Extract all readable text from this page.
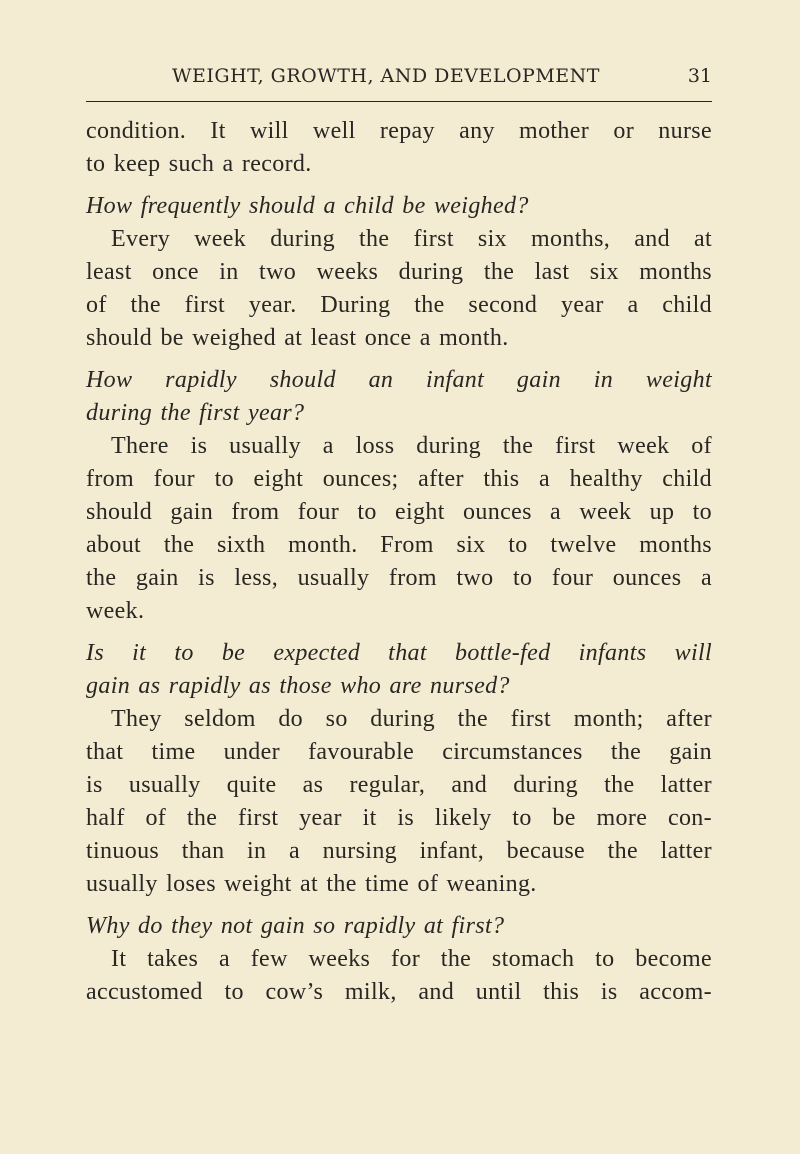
WEIGHT, GROWTH, AND DEVELOPMENT	31
condition. It will well repay any mother or nurse
to keep such a record.
How frequently should a child be weighed?
Every week during the first six months, and at
least once in two weeks during the last six months
of the first year. During the second year a child
should be weighed at least once a month.
How rapidly should an infant gain in weight
during the first year?
There is usually a loss during the first week of
from four to eight ounces; after this a healthy child
should gain from four to eight ounces a week up to
about the sixth month. From six to twelve months
the gain is less, usually from two to four ounces a
week.
Is it to be expected that bottle-fed infants will
gain as rapidly as those who are nursed?
They seldom do so during the first month; after
that time under favourable circumstances the gain
is usually quite as regular, and during the latter
half of the first year it is likely to be more con-
tinuous than in a nursing infant, because the latter
usually loses weight at the time of weaning.
Why do they not gain so rapidly at first?
It takes a few weeks for the stomach to become
accustomed to cow’s milk, and until this is accom-
